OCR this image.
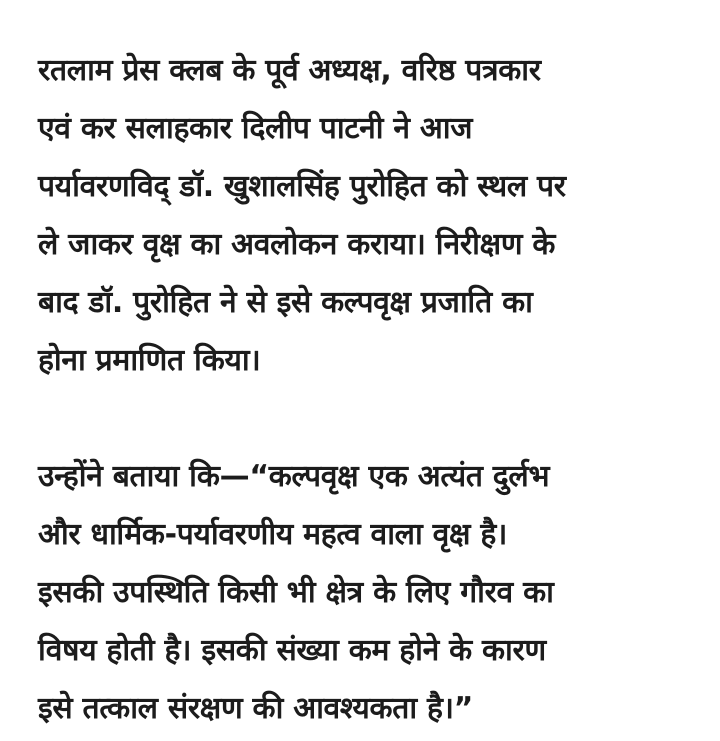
रतलाम प्रेस क्लब के पूर्व अध्यक्ष, वरिष्ठ पत्रकार
एवं कर सलाहकार दिलीप पाटनी ने आज
पर्यावरणविद् डॉ. खुशालसिंह पुरोहित को स्थल पर
ले जाकर वृक्ष का अवलोकन कराया। निरीक्षण के
बाद डॉ. पुरोहित ने से इसे कल्पवृक्ष प्रजाति का
होना प्रमाणित किया।

उन्होंने बताया कि—“कल्पवृक्ष एक अत्यंत दुर्लभ
और धार्मिक-पर्यावरणीय महत्व वाला वृक्ष है।
इसकी उपस्थिति किसी भी क्षेत्र के लिए गौरव का
विषय होती है। इसकी संख्या कम होने के कारण
इसे तत्काल संरक्षण की आवश्यकता है।”
